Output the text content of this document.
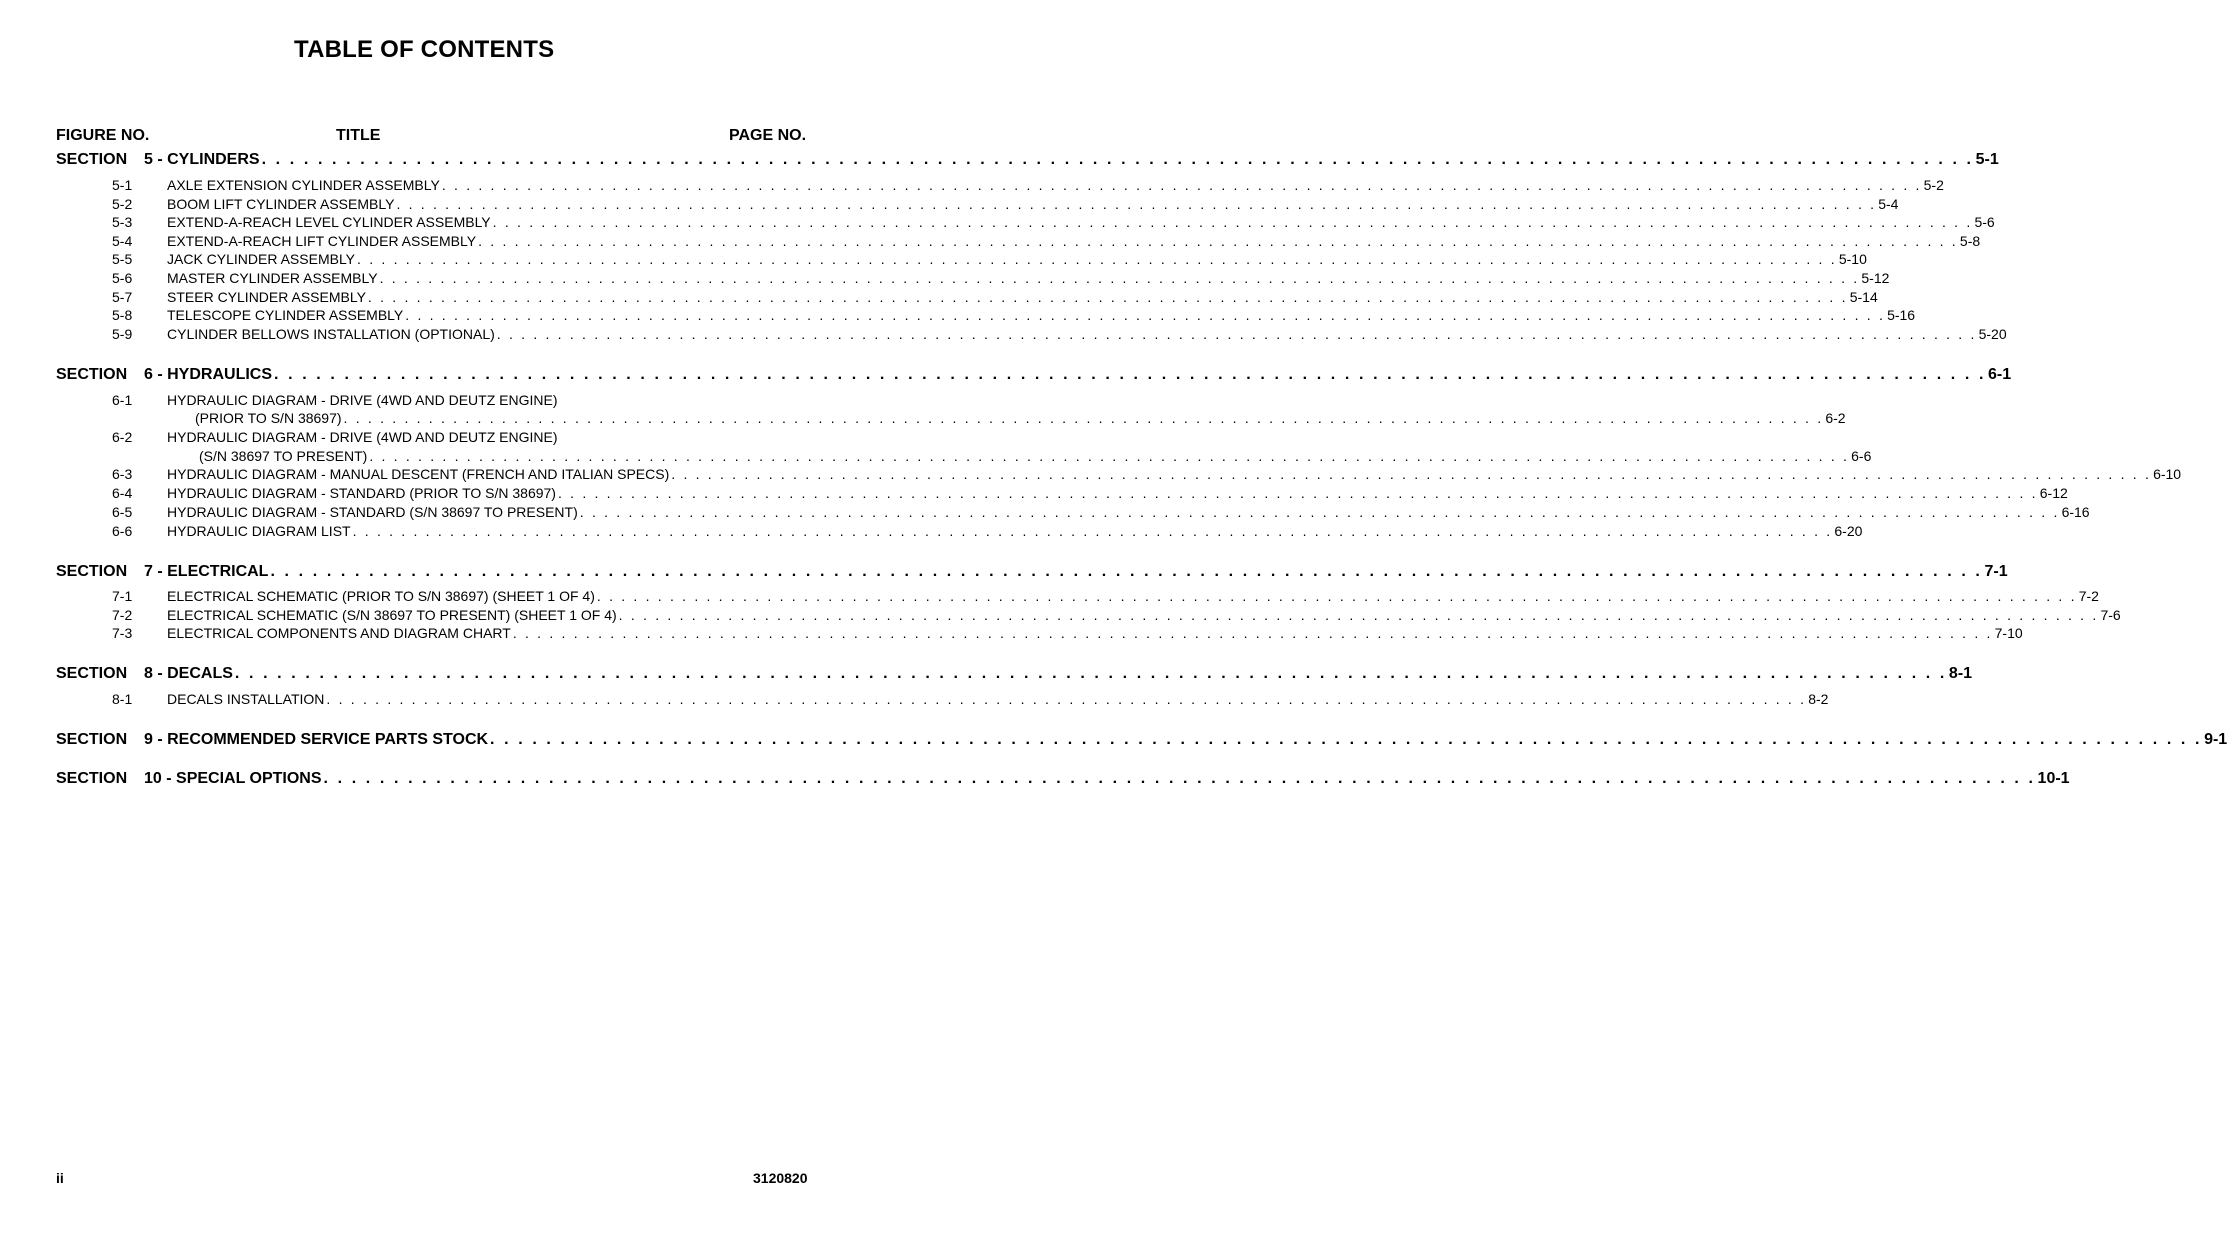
TABLE OF CONTENTS
FIGURE NO.	TITLE	PAGE NO.
SECTION	5 - CYLINDERS . . . . . . . . . . . . . . . . . . . . . . . . . . . . . . . . . . . . . . . . . . . . . . . . . . . . . . . . . . . . . . . . . . . . . . . . . . . . . . . . . . . . . . . . . . . . . . . . . . . . . . . . . . . . . . . . . . . . . . . . . . 5-1
5-1	AXLE EXTENSION CYLINDER ASSEMBLY . . . . . . . . . . . . . . . . . . . . . . . . . . . . . . . . . . . . . . . . . . . . . . . . . . . . . . . . . . . . . . . . . . . . . . . . . . . . . . . . . . . . . . . . . . . . . . . . . . . . . . . . . . . . . . . . . . . . . . . . . . 5-2
5-2	BOOM LIFT CYLINDER ASSEMBLY . . . . . . . . . . . . . . . . . . . . . . . . . . . . . . . . . . . . . . . . . . . . . . . . . . . . . . . . . . . . . . . . . . . . . . . . . . . . . . . . . . . . . . . . . . . . . . . . . . . . . . . . . . . . . . . . . . . . . . . . . . 5-4
5-3	EXTEND-A-REACH LEVEL CYLINDER ASSEMBLY . . . . . . . . . . . . . . . . . . . . . . . . . . . . . . . . . . . . . . . . . . . . . . . . . . . . . . . . . . . . . . . . . . . . . . . . . . . . . . . . . . . . . . . . . . . . . . . . . . . . . . . . . . . . . . . . . . . . . . . . . . 5-6
5-4	EXTEND-A-REACH LIFT CYLINDER ASSEMBLY . . . . . . . . . . . . . . . . . . . . . . . . . . . . . . . . . . . . . . . . . . . . . . . . . . . . . . . . . . . . . . . . . . . . . . . . . . . . . . . . . . . . . . . . . . . . . . . . . . . . . . . . . . . . . . . . . . . . . . . . . . 5-8
5-5	JACK CYLINDER ASSEMBLY . . . . . . . . . . . . . . . . . . . . . . . . . . . . . . . . . . . . . . . . . . . . . . . . . . . . . . . . . . . . . . . . . . . . . . . . . . . . . . . . . . . . . . . . . . . . . . . . . . . . . . . . . . . . . . . . . . . . . . . . . . 5-10
5-6	MASTER CYLINDER ASSEMBLY . . . . . . . . . . . . . . . . . . . . . . . . . . . . . . . . . . . . . . . . . . . . . . . . . . . . . . . . . . . . . . . . . . . . . . . . . . . . . . . . . . . . . . . . . . . . . . . . . . . . . . . . . . . . . . . . . . . . . . . . . . 5-12
5-7	STEER CYLINDER ASSEMBLY . . . . . . . . . . . . . . . . . . . . . . . . . . . . . . . . . . . . . . . . . . . . . . . . . . . . . . . . . . . . . . . . . . . . . . . . . . . . . . . . . . . . . . . . . . . . . . . . . . . . . . . . . . . . . . . . . . . . . . . . . . 5-14
5-8	TELESCOPE CYLINDER ASSEMBLY . . . . . . . . . . . . . . . . . . . . . . . . . . . . . . . . . . . . . . . . . . . . . . . . . . . . . . . . . . . . . . . . . . . . . . . . . . . . . . . . . . . . . . . . . . . . . . . . . . . . . . . . . . . . . . . . . . . . . . . . . . 5-16
5-9	CYLINDER BELLOWS INSTALLATION (OPTIONAL) . . . . . . . . . . . . . . . . . . . . . . . . . . . . . . . . . . . . . . . . . . . . . . . . . . . . . . . . . . . . . . . . . . . . . . . . . . . . . . . . . . . . . . . . . . . . . . . . . . . . . . . . . . . . . . . . . . . . . . . . . . 5-20
SECTION	6 - HYDRAULICS . . . . . . . . . . . . . . . . . . . . . . . . . . . . . . . . . . . . . . . . . . . . . . . . . . . . . . . . . . . . . . . . . . . . . . . . . . . . . . . . . . . . . . . . . . . . . . . . . . . . . . . . . . . . . . . . . . . . . . . . . . 6-1
6-1 HYDRAULIC DIAGRAM - DRIVE (4WD AND DEUTZ ENGINE)
(PRIOR TO S/N 38697) . . . . . . . . . . . . . . . . . . . . . . . . . . . . . . . . . . . . . . . . . . . . . . . . . . . . . . . . . . . . . . . . . . . . . . . . . . . . . . . . . . . . . . . . . . . . . . . . . . . . . . . . . . . . . . . . . . . . . . . . . . 6-2
6-2 HYDRAULIC DIAGRAM - DRIVE (4WD AND DEUTZ ENGINE)
(S/N 38697 TO PRESENT) . . . . . . . . . . . . . . . . . . . . . . . . . . . . . . . . . . . . . . . . . . . . . . . . . . . . . . . . . . . . . . . . . . . . . . . . . . . . . . . . . . . . . . . . . . . . . . . . . . . . . . . . . . . . . . . . . . . . . . . . . . 6-6
6-3	HYDRAULIC DIAGRAM - MANUAL DESCENT (FRENCH AND ITALIAN SPECS) . . . . . . . . . . . . . . . . . . . . . . . . . . . . . . . . . . . . . . . . . . . . . . . . . . . . . . . . . . . . . . . . . . . . . . . . . . . . . . . . . . . . . . . . . . . . . . . . . . . . . . . . . . . . . . . . . . . . . . . . . . 6-10
6-4	HYDRAULIC DIAGRAM - STANDARD (PRIOR TO S/N 38697) . . . . . . . . . . . . . . . . . . . . . . . . . . . . . . . . . . . . . . . . . . . . . . . . . . . . . . . . . . . . . . . . . . . . . . . . . . . . . . . . . . . . . . . . . . . . . . . . . . . . . . . . . . . . . . . . . . . . . . . . . . 6-12
6-5	HYDRAULIC DIAGRAM - STANDARD (S/N 38697 TO PRESENT) . . . . . . . . . . . . . . . . . . . . . . . . . . . . . . . . . . . . . . . . . . . . . . . . . . . . . . . . . . . . . . . . . . . . . . . . . . . . . . . . . . . . . . . . . . . . . . . . . . . . . . . . . . . . . . . . . . . . . . . . . . 6-16
6-6	HYDRAULIC DIAGRAM LIST . . . . . . . . . . . . . . . . . . . . . . . . . . . . . . . . . . . . . . . . . . . . . . . . . . . . . . . . . . . . . . . . . . . . . . . . . . . . . . . . . . . . . . . . . . . . . . . . . . . . . . . . . . . . . . . . . . . . . . . . . . 6-20
SECTION	7 - ELECTRICAL . . . . . . . . . . . . . . . . . . . . . . . . . . . . . . . . . . . . . . . . . . . . . . . . . . . . . . . . . . . . . . . . . . . . . . . . . . . . . . . . . . . . . . . . . . . . . . . . . . . . . . . . . . . . . . . . . . . . . . . . . . 7-1
7-1	ELECTRICAL SCHEMATIC (PRIOR TO S/N 38697) (SHEET 1 OF 4) . . . . . . . . . . . . . . . . . . . . . . . . . . . . . . . . . . . . . . . . . . . . . . . . . . . . . . . . . . . . . . . . . . . . . . . . . . . . . . . . . . . . . . . . . . . . . . . . . . . . . . . . . . . . . . . . . . . . . . . . . . 7-2
7-2	ELECTRICAL SCHEMATIC (S/N 38697 TO PRESENT) (SHEET 1 OF 4) . . . . . . . . . . . . . . . . . . . . . . . . . . . . . . . . . . . . . . . . . . . . . . . . . . . . . . . . . . . . . . . . . . . . . . . . . . . . . . . . . . . . . . . . . . . . . . . . . . . . . . . . . . . . . . . . . . . . . . . . . . 7-6
7-3	ELECTRICAL COMPONENTS AND DIAGRAM CHART . . . . . . . . . . . . . . . . . . . . . . . . . . . . . . . . . . . . . . . . . . . . . . . . . . . . . . . . . . . . . . . . . . . . . . . . . . . . . . . . . . . . . . . . . . . . . . . . . . . . . . . . . . . . . . . . . . . . . . . . . . 7-10
SECTION	8 - DECALS . . . . . . . . . . . . . . . . . . . . . . . . . . . . . . . . . . . . . . . . . . . . . . . . . . . . . . . . . . . . . . . . . . . . . . . . . . . . . . . . . . . . . . . . . . . . . . . . . . . . . . . . . . . . . . . . . . . . . . . . . . 8-1
8-1	DECALS INSTALLATION . . . . . . . . . . . . . . . . . . . . . . . . . . . . . . . . . . . . . . . . . . . . . . . . . . . . . . . . . . . . . . . . . . . . . . . . . . . . . . . . . . . . . . . . . . . . . . . . . . . . . . . . . . . . . . . . . . . . . . . . . . 8-2
SECTION	9 - RECOMMENDED SERVICE PARTS STOCK . . . . . . . . . . . . . . . . . . . . . . . . . . . . . . . . . . . . . . . . . . . . . . . . . . . . . . . . . . . . . . . . . . . . . . . . . . . . . . . . . . . . . . . . . . . . . . . . . . . . . . . . . . . . . . . . . . . . . . . . . . 9-1
SECTION	10 - SPECIAL OPTIONS . . . . . . . . . . . . . . . . . . . . . . . . . . . . . . . . . . . . . . . . . . . . . . . . . . . . . . . . . . . . . . . . . . . . . . . . . . . . . . . . . . . . . . . . . . . . . . . . . . . . . . . . . . . . . . . . . . . . . . . . . . 10-1
ii	3120820
